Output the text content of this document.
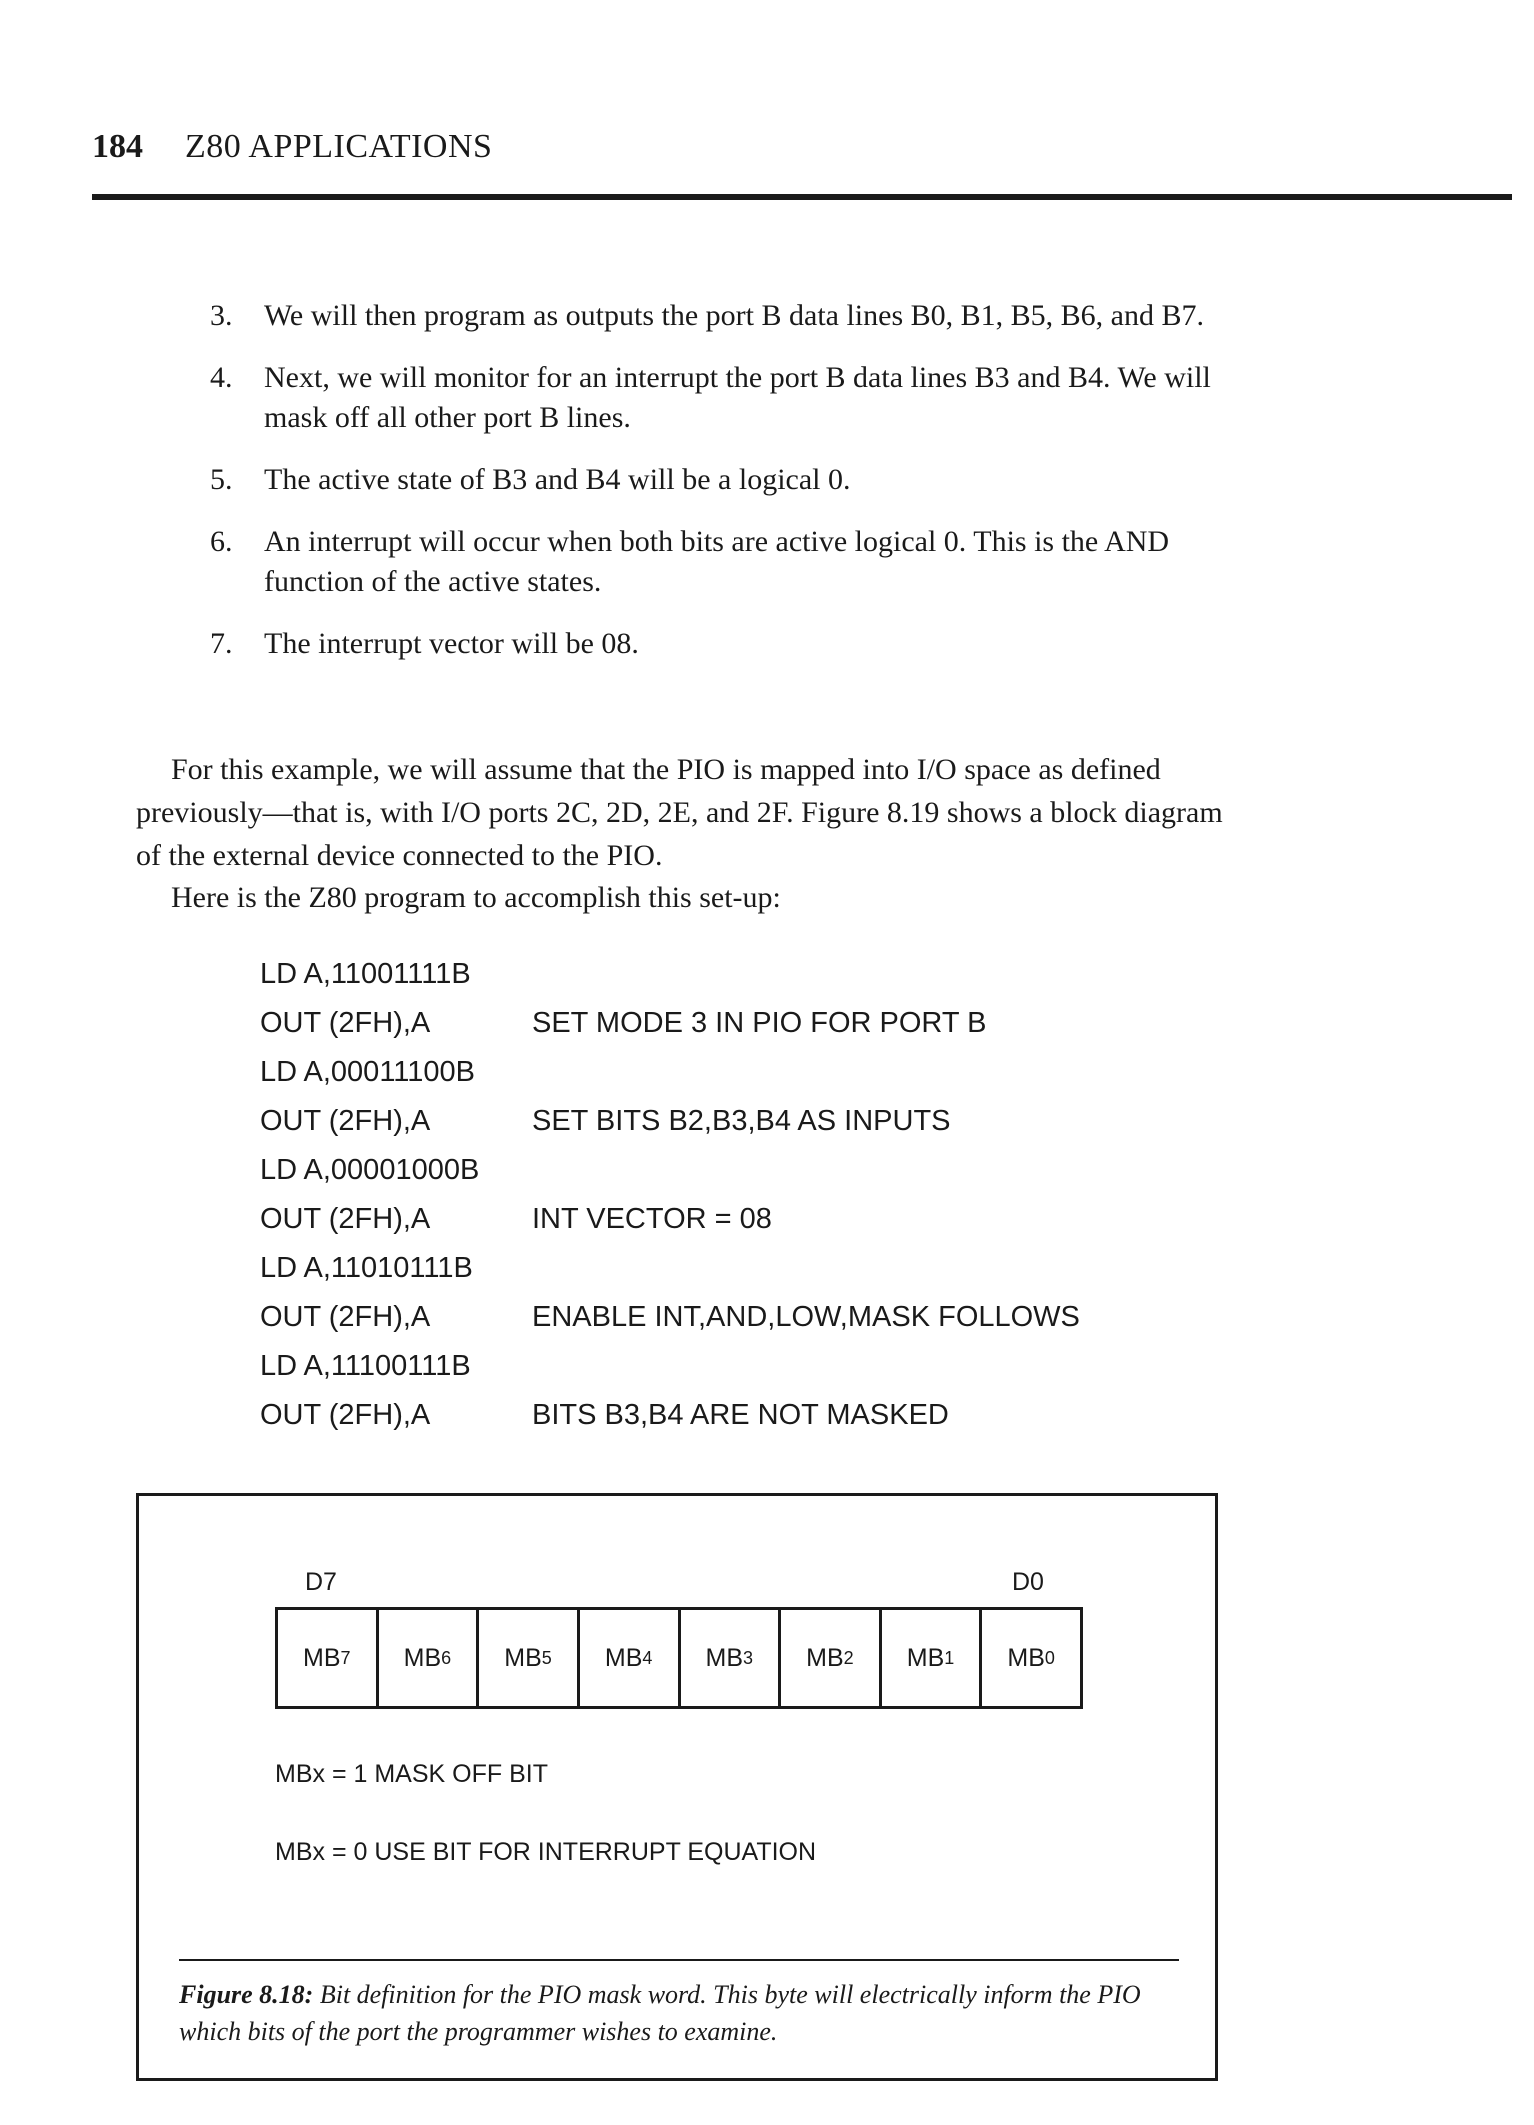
184 Z80 APPLICATIONS
3. We will then program as outputs the port B data lines B0, B1, B5, B6, and B7.
4. Next, we will monitor for an interrupt the port B data lines B3 and B4. We will mask off all other port B lines.
5. The active state of B3 and B4 will be a logical 0.
6. An interrupt will occur when both bits are active logical 0. This is the AND function of the active states.
7. The interrupt vector will be 08.

For this example, we will assume that the PIO is mapped into I/O space as defined previously—that is, with I/O ports 2C, 2D, 2E, and 2F. Figure 8.19 shows a block diagram of the external device connected to the PIO.

Here is the Z80 program to accomplish this set-up:

LD A,11001111B
OUT (2FH),A	SET MODE 3 IN PIO FOR PORT B
LD A,00011100B
OUT (2FH),A	SET BITS B2,B3,B4 AS INPUTS
LD A,00001000B
OUT (2FH),A	INT VECTOR = 08
LD A,11010111B
OUT (2FH),A	ENABLE INT,AND,LOW,MASK FOLLOWS
LD A,11100111B
OUT (2FH),A	BITS B3,B4 ARE NOT MASKED
D7	D0
MB 7 MB 6 MB 5 MB 4 MB 3 MB 2 MB 1 MB 0
MBx = 1 MASK OFF BIT
MBx = 0 USE BIT FOR INTERRUPT EQUATION
Figure 8.18: Bit definition for the PIO mask word. This byte will electrically inform the PIO which bits of the port the programmer wishes to examine.
